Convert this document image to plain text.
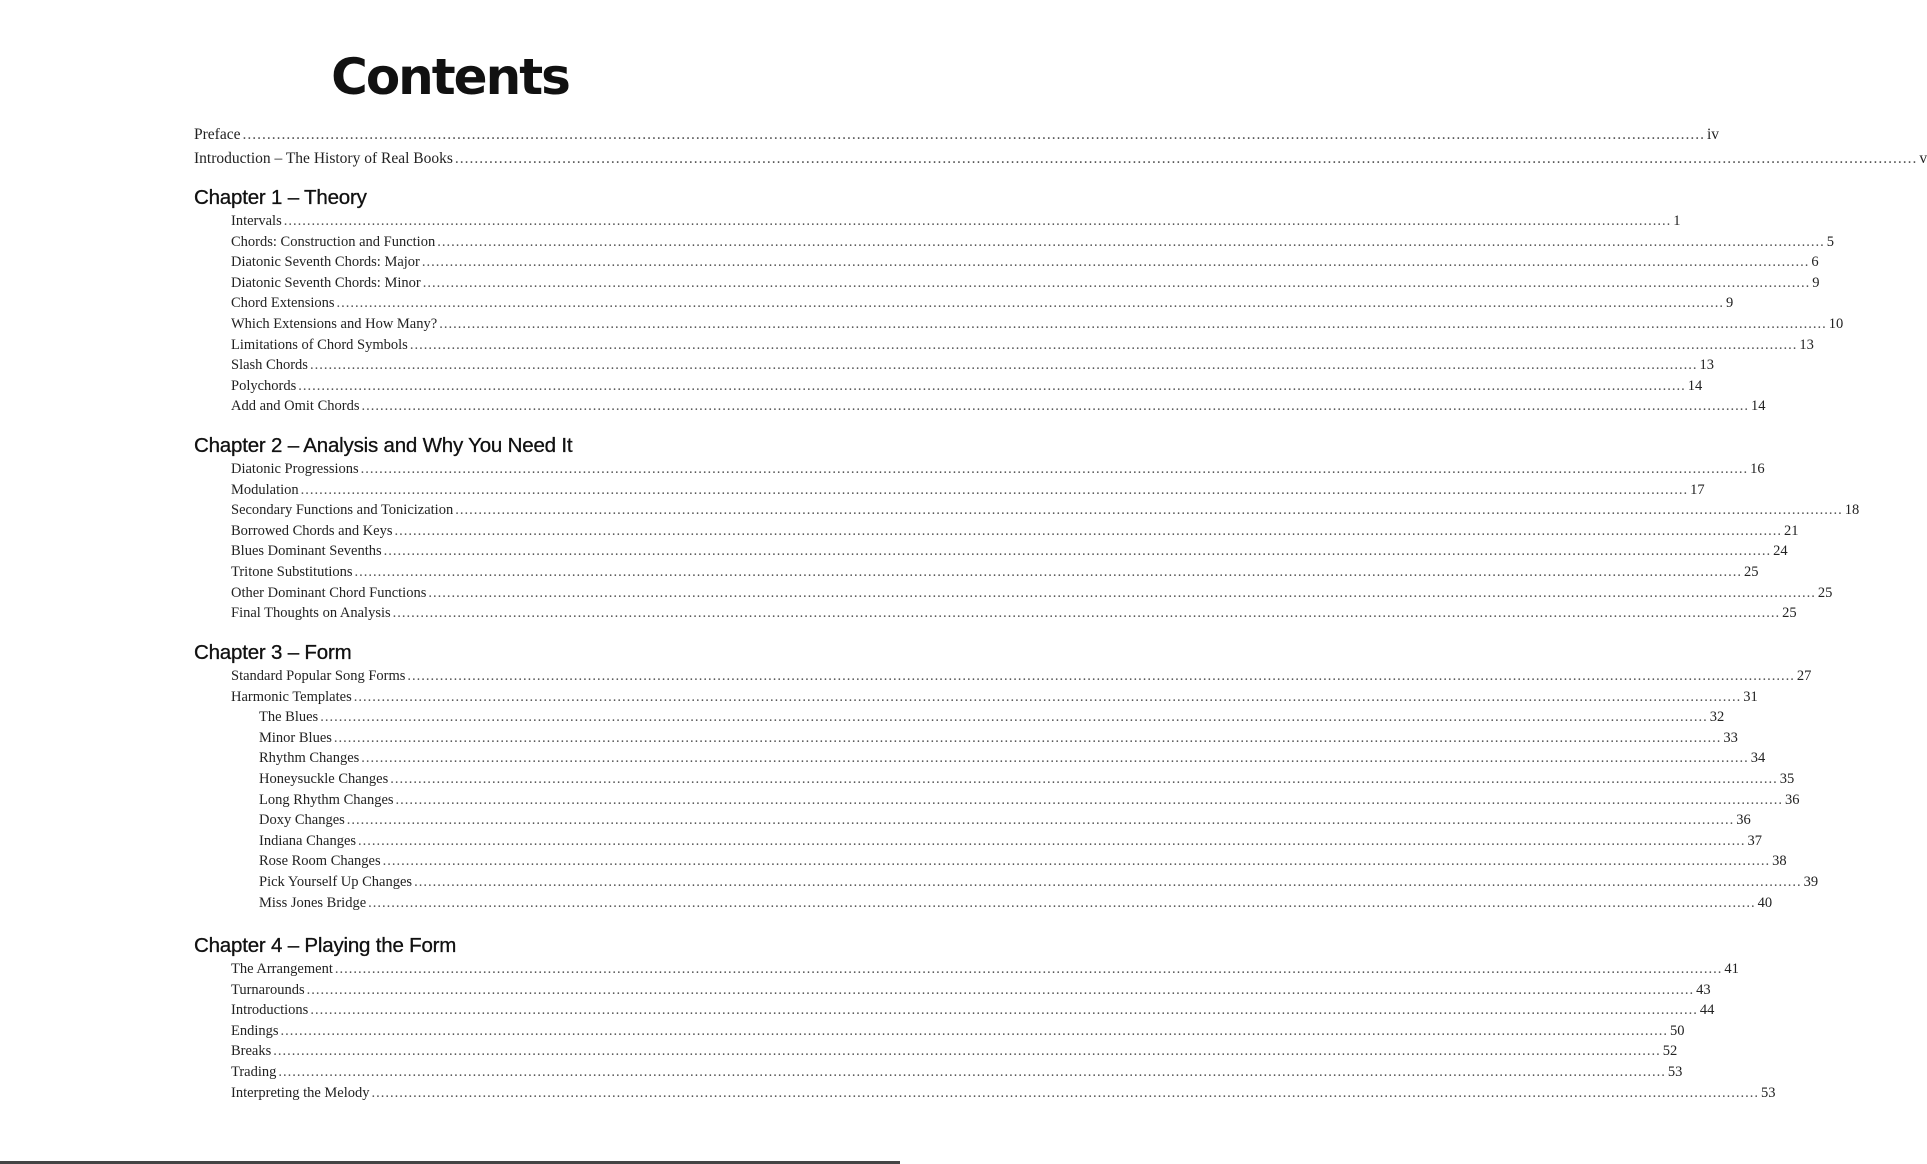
Contents
Preface ............................................................................................................................................................................................................................................................................................................ iv
Introduction – The History of Real Books ............................................................................................................................................................................................................................................................................................................ v
Chapter 1 – Theory
Intervals ............................................................................................................................................................................................................................................................................................................ 1
Chords: Construction and Function ............................................................................................................................................................................................................................................................................................................ 5
Diatonic Seventh Chords: Major ............................................................................................................................................................................................................................................................................................................ 6
Diatonic Seventh Chords: Minor ............................................................................................................................................................................................................................................................................................................ 9
Chord Extensions ............................................................................................................................................................................................................................................................................................................ 9
Which Extensions and How Many? ............................................................................................................................................................................................................................................................................................................ 10
Limitations of Chord Symbols ............................................................................................................................................................................................................................................................................................................ 13
Slash Chords ............................................................................................................................................................................................................................................................................................................ 13
Polychords ............................................................................................................................................................................................................................................................................................................ 14
Add and Omit Chords ............................................................................................................................................................................................................................................................................................................ 14
Chapter 2 – Analysis and Why You Need It
Diatonic Progressions ............................................................................................................................................................................................................................................................................................................ 16
Modulation ............................................................................................................................................................................................................................................................................................................ 17
Secondary Functions and Tonicization ............................................................................................................................................................................................................................................................................................................ 18
Borrowed Chords and Keys ............................................................................................................................................................................................................................................................................................................ 21
Blues Dominant Sevenths ............................................................................................................................................................................................................................................................................................................ 24
Tritone Substitutions ............................................................................................................................................................................................................................................................................................................ 25
Other Dominant Chord Functions ............................................................................................................................................................................................................................................................................................................ 25
Final Thoughts on Analysis ............................................................................................................................................................................................................................................................................................................ 25
Chapter 3 – Form
Standard Popular Song Forms ............................................................................................................................................................................................................................................................................................................ 27
Harmonic Templates ............................................................................................................................................................................................................................................................................................................ 31
The Blues ............................................................................................................................................................................................................................................................................................................ 32
Minor Blues ............................................................................................................................................................................................................................................................................................................ 33
Rhythm Changes ............................................................................................................................................................................................................................................................................................................ 34
Honeysuckle Changes ............................................................................................................................................................................................................................................................................................................ 35
Long Rhythm Changes ............................................................................................................................................................................................................................................................................................................ 36
Doxy Changes ............................................................................................................................................................................................................................................................................................................ 36
Indiana Changes ............................................................................................................................................................................................................................................................................................................ 37
Rose Room Changes ............................................................................................................................................................................................................................................................................................................ 38
Pick Yourself Up Changes ............................................................................................................................................................................................................................................................................................................ 39
Miss Jones Bridge ............................................................................................................................................................................................................................................................................................................ 40
Chapter 4 – Playing the Form
The Arrangement ............................................................................................................................................................................................................................................................................................................ 41
Turnarounds ............................................................................................................................................................................................................................................................................................................ 43
Introductions ............................................................................................................................................................................................................................................................................................................ 44
Endings ............................................................................................................................................................................................................................................................................................................ 50
Breaks ............................................................................................................................................................................................................................................................................................................ 52
Trading ............................................................................................................................................................................................................................................................................................................ 53
Interpreting the Melody ............................................................................................................................................................................................................................................................................................................ 53
